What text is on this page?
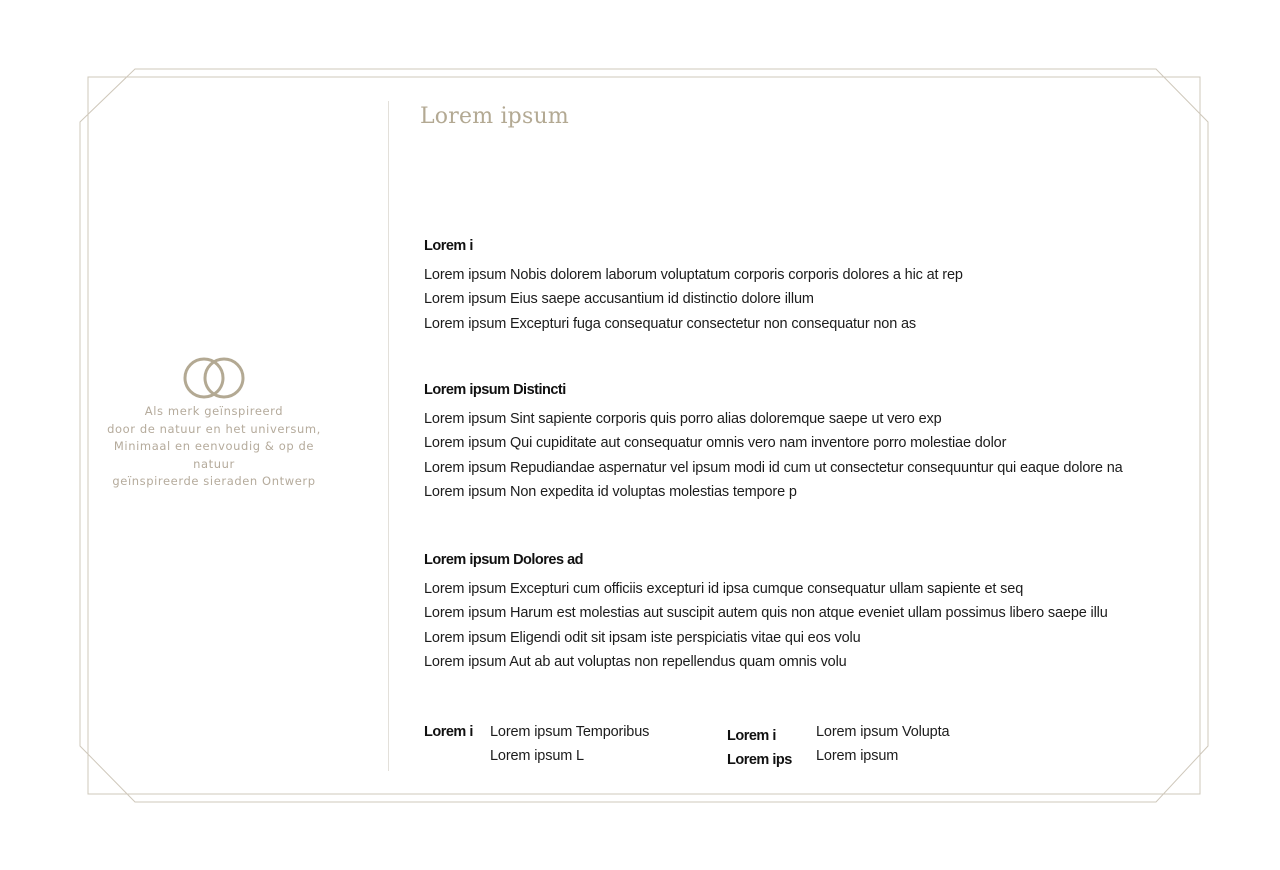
Als merk geïnspireerd
door de natuur en het universum,
Minimaal en eenvoudig & op de
natuur
geïnspireerde sieraden Ontwerp
Lorem ipsum
Lorem i
Lorem ipsum Nobis dolorem laborum voluptatum corporis corporis dolores a hic at rep
Lorem ipsum Eius saepe accusantium id distinctio dolore illum
Lorem ipsum Excepturi fuga consequatur consectetur non consequatur non as
Lorem ipsum Distincti
Lorem ipsum Sint sapiente corporis quis porro alias doloremque saepe ut vero exp
Lorem ipsum Qui cupiditate aut consequatur omnis vero nam inventore porro molestiae dolor
Lorem ipsum Repudiandae aspernatur vel ipsum modi id cum ut consectetur consequuntur qui eaque dolore na
Lorem ipsum Non expedita id voluptas molestias tempore p
Lorem ipsum Dolores ad
Lorem ipsum Excepturi cum officiis excepturi id ipsa cumque consequatur ullam sapiente et seq
Lorem ipsum Harum est molestias aut suscipit autem quis non atque eveniet ullam possimus libero saepe illu
Lorem ipsum Eligendi odit sit ipsam iste perspiciatis vitae qui eos volu
Lorem ipsum Aut ab aut voluptas non repellendus quam omnis volu
Lorem i Lorem ipsum Temporibus
Lorem ipsum L
Lorem i
Lorem ips
Lorem ipsum Volupta
Lorem ipsum
